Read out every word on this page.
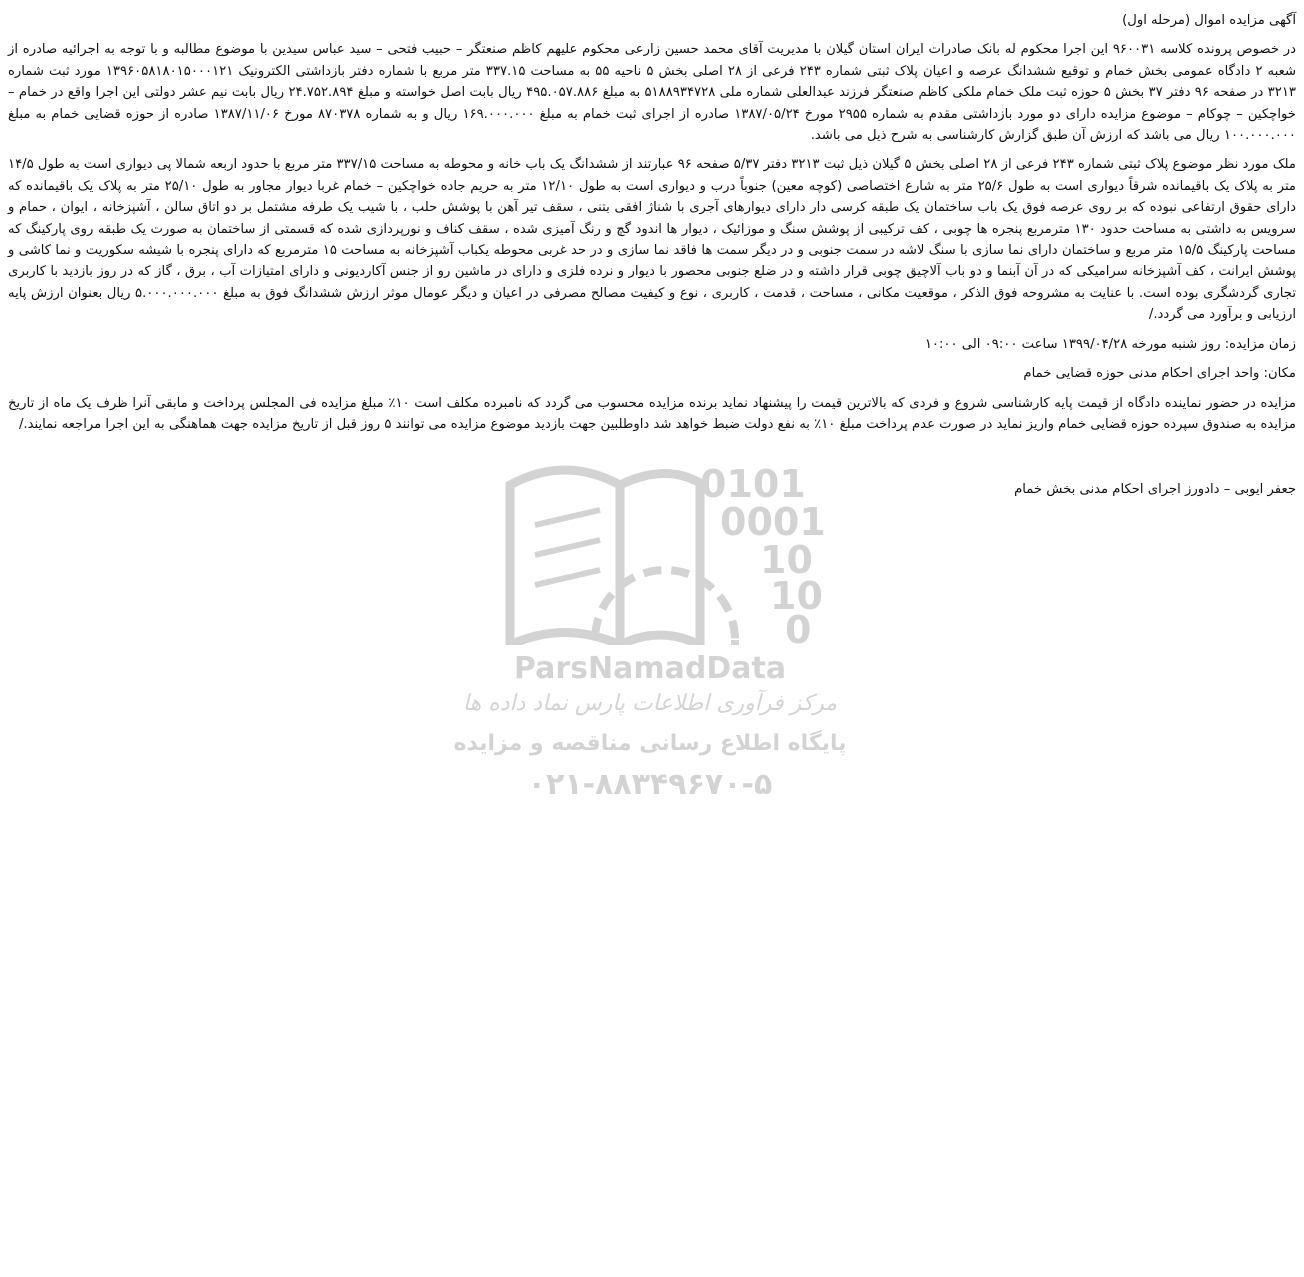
آگهی مزایده اموال (مرحله اول)

در خصوص پرونده کلاسه ۹۶۰۰۳۱ این اجرا محکوم له بانک صادرات ایران استان گیلان با مدیریت آقای محمد حسین زارعی محکوم علیهم کاظم صنعتگر – حبیب فتحی – سید عباس سیدین با موضوع مطالبه و با توجه به اجرائیه صادره از شعبه ۲ دادگاه عمومی بخش خمام و توقیع ششدانگ عرصه و اعیان پلاک ثبتی شماره ۲۴۳ فرعی از ۲۸ اصلی بخش ۵ ناحیه ۵۵ به مساحت ۳۳۷.۱۵ متر مربع با شماره دفتر بازداشتی الکترونیک ۱۳۹۶۰۵۸۱۸۰۱۵۰۰۰۱۲۱ مورد ثبت شماره ۳۲۱۳ در صفحه ۹۶ دفتر ۳۷ بخش ۵ حوزه ثبت ملک خمام ملکی کاظم صنعتگر فرزند عبدالعلی شماره ملی ۵۱۸۸۹۳۴۷۲۸ به مبلغ ۴۹۵.۰۵۷.۸۸۶ ریال بابت اصل خواسته و مبلغ ۲۴.۷۵۲.۸۹۴ ریال بابت نیم عشر دولتی این اجرا واقع در خمام – خواچکین – چوکام – موضوع مزایده دارای دو مورد بازداشتی مقدم به شماره ۲۹۵۵ مورخ ۱۳۸۷/۰۵/۲۴ صادره از اجرای ثبت خمام به مبلغ ۱۶۹.۰۰۰.۰۰۰ ریال و به شماره ۸۷۰۳۷۸ مورخ ۱۳۸۷/۱۱/۰۶ صادره از حوزه قضایی خمام به مبلغ ۱۰۰.۰۰۰.۰۰۰ ریال می باشد که ارزش آن طبق گزارش کارشناسی به شرح ذیل می باشد.

ملک مورد نظر موضوع پلاک ثبتی شماره ۲۴۳ فرعی از ۲۸ اصلی بخش ۵ گیلان ذیل ثبت ۳۲۱۳ دفتر ۵/۳۷ صفحه ۹۶ عبارتند از ششدانگ یک باب خانه و محوطه به مساحت ۳۳۷/۱۵ متر مربع با حدود اربعه شمالا پی دیواری است به طول ۱۴/۵ متر به پلاک یک باقیمانده شرقاً دیواری است به طول ۲۵/۶ متر به شارع اختصاصی (کوچه معین) جنوباً درب و دیواری است به طول ۱۲/۱۰ متر به حریم جاده خواچکین – خمام غربا دیوار مجاور به طول ۲۵/۱۰ متر به پلاک یک باقیمانده که دارای حقوق ارتفاعی نبوده که بر روی عرصه فوق یک باب ساختمان یک طبقه کرسی دار دارای دیوارهای آجری با شناژ افقی بتنی ، سقف تیر آهن با پوشش حلب ، با شیب یک طرفه مشتمل بر دو اتاق سالن ، آشپزخانه ، ایوان ، حمام و سرویس به داشتی به مساحت حدود ۱۳۰ مترمربع پنجره ها چوبی ، کف ترکیبی از پوشش سنگ و موزائیک ، دیوار ها اندود گچ و رنگ آمیزی شده ، سقف کناف و نورپردازی شده که قسمتی از ساختمان به صورت یک طبقه روی پارکینگ که مساحت پارکینگ ۱۵/۵ متر مربع و ساختمان دارای نما سازی با سنگ لاشه در سمت جنوبی و در دیگر سمت ها فاقد نما سازی و در حد غربی محوطه یکباب آشپزخانه به مساحت ۱۵ مترمربع که دارای پنجره با شیشه سکوریت و نما کاشی و پوشش ایرانت ، کف آشپزخانه سرامیکی که در آن آبنما و دو باب آلاچیق چوبی قرار داشته و در ضلع جنوبی محصور با دیوار و نرده فلزی و دارای در ماشین رو از جنس آکاردیونی و دارای امتیازات آب ، برق ، گاز که در روز بازدید با کاربری تجاری گردشگری بوده است. با عنایت به مشروحه فوق الذکر ، موقعیت مکانی ، مساحت ، قدمت ، کاربری ، نوع و کیفیت مصالح مصرفی در اعیان و دیگر عومال موثر ارزش ششدانگ فوق به مبلغ ۵.۰۰۰.۰۰۰.۰۰۰ ریال بعنوان ارزش پایه ارزیابی و برآورد می گردد./

زمان مزایده: روز شنبه مورخه ۱۳۹۹/۰۴/۲۸ ساعت ۰۹:۰۰ الی ۱۰:۰۰

مکان: واحد اجرای احکام مدنی حوزه قضایی خمام

مزایده در حضور نماینده دادگاه از قیمت پایه کارشناسی شروع و فردی که بالاترین قیمت را پیشنهاد نماید برنده مزایده محسوب می گردد که نامبرده مکلف است ۱۰٪ مبلغ مزایده فی المجلس پرداخت و مابقی آنرا ظرف یک ماه از تاریخ مزایده به صندوق سپرده حوزه قضایی خمام واریز نماید در صورت عدم پرداخت مبلغ ۱۰٪ به نفع دولت ضبط خواهد شد داوطلبین جهت بازدید موضوع مزایده می توانند ۵ روز قبل از تاریخ مزایده جهت هماهنگی به این اجرا مراجعه نمایند./

جعفر ایوبی – دادورز اجرای احکام مدنی بخش خمام

0101
0001
10
10
0
ParsNamadData
مرکز فرآوری اطلاعات پارس نماد داده ها
پایگاه اطلاع رسانی مناقصه و مزایده
۰۲۱-۸۸۳۴۹۶۷۰-۵
